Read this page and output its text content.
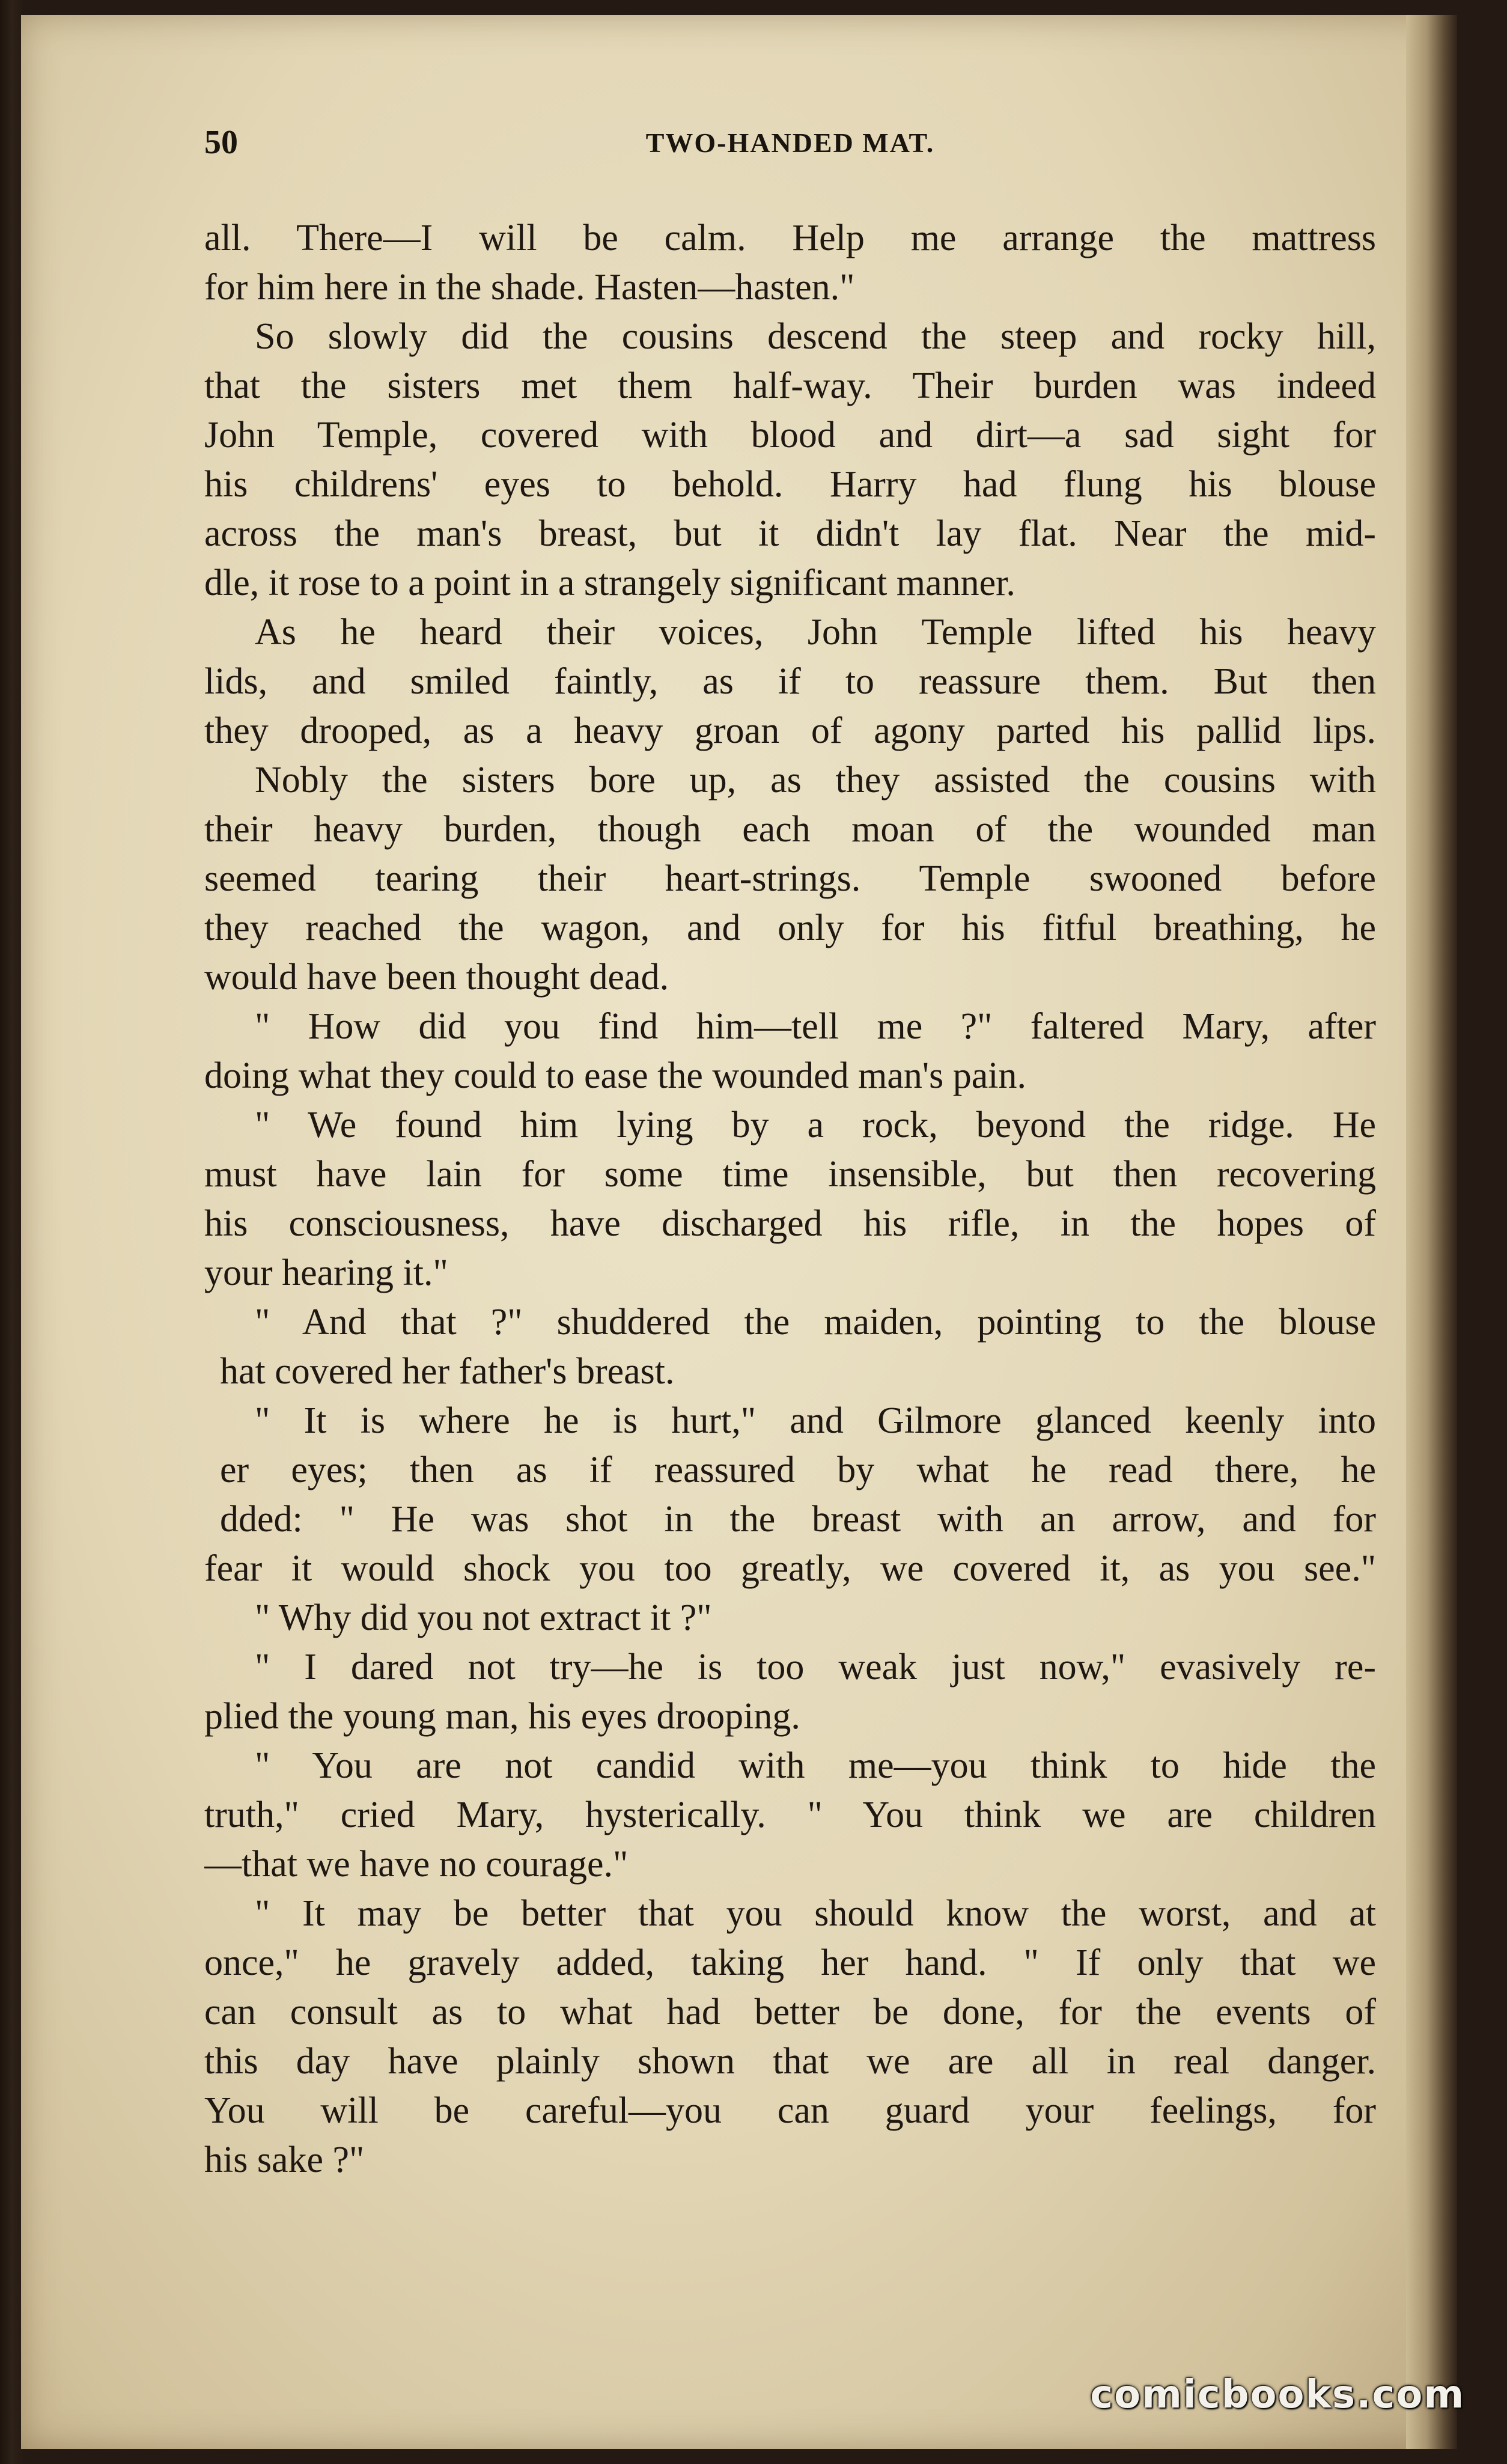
50	TWO-HANDED MAT.
all. There—I will be calm. Help me arrange the mattress
for him here in the shade. Hasten—hasten."
So slowly did the cousins descend the steep and rocky hill,
that the sisters met them half-way. Their burden was indeed
John Temple, covered with blood and dirt—a sad sight for
his childrens' eyes to behold. Harry had flung his blouse
across the man's breast, but it didn't lay flat. Near the mid-
dle, it rose to a point in a strangely significant manner.
As he heard their voices, John Temple lifted his heavy
lids, and smiled faintly, as if to reassure them. But then
they drooped, as a heavy groan of agony parted his pallid lips.
Nobly the sisters bore up, as they assisted the cousins with
their heavy burden, though each moan of the wounded man
seemed tearing their heart-strings. Temple swooned before
they reached the wagon, and only for his fitful breathing, he
would have been thought dead.
" How did you find him—tell me ?" faltered Mary, after
doing what they could to ease the wounded man's pain.
" We found him lying by a rock, beyond the ridge. He
must have lain for some time insensible, but then recovering
his consciousness, have discharged his rifle, in the hopes of
your hearing it."
" And that ?" shuddered the maiden, pointing to the blouse
hat covered her father's breast.
" It is where he is hurt," and Gilmore glanced keenly into
er eyes; then as if reassured by what he read there, he
dded: " He was shot in the breast with an arrow, and for
fear it would shock you too greatly, we covered it, as you see."
" Why did you not extract it ?"
" I dared not try—he is too weak just now," evasively re-
plied the young man, his eyes drooping.
" You are not candid with me—you think to hide the
truth," cried Mary, hysterically. " You think we are children
—that we have no courage."
" It may be better that you should know the worst, and at
once," he gravely added, taking her hand. " If only that we
can consult as to what had better be done, for the events of
this day have plainly shown that we are all in real danger.
You will be careful—you can guard your feelings, for
his sake ?"
comicbooks.com
